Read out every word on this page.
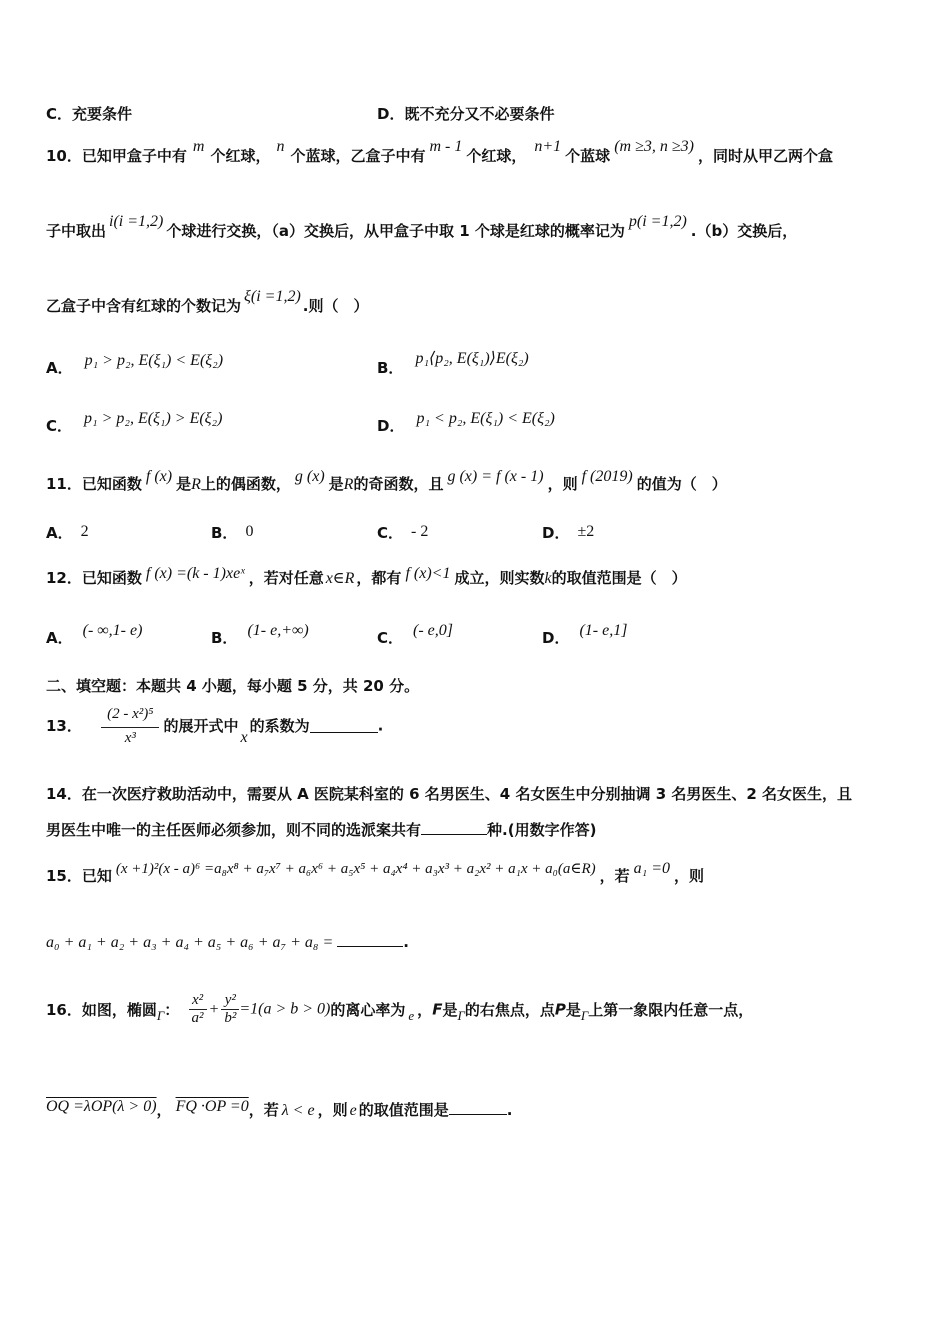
C．充要条件	D．既不充分又不必要条件
10．已知甲盒子中有m个红球，n个蓝球，乙盒子中有m - 1个红球，n+1个蓝球(m ≥3, n ≥3)，同时从甲乙两个盒
子中取出i(i =1,2)个球进行交换，（a）交换后，从甲盒子中取 1 个球是红球的概率记为p(i =1,2).（b）交换后，
乙盒子中含有红球的个数记为ξ(i =1,2).则（　）
A． p₁ > p₂, E(ξ₁) < E(ξ₂)	B．p₁⟨p₂, E(ξ₁)⟩E(ξ₂)
C． p₁ > p₂, E(ξ₁) > E(ξ₂)	D． p₁ < p₂, E(ξ₁) < E(ξ₂)
11．已知函数 f (x) 是R上的偶函数， g (x) 是R的奇函数，且 g (x) = f (x - 1) ，则 f (2019) 的值为（　）
A． 2	B． 0	C． - 2	D． ±2
12．已知函数 f (x) =(k - 1)xeˣ ，若对任意 x∈R ，都有 f (x)<1 成立，则实数k的取值范围是（　）
A． (- ∞,1- e)	B． (1- e,+∞)	C． (- e,0]	D． (1- e,1]
二、填空题：本题共 4 小题，每小题 5 分，共 20 分。
13． $\frac{\text{(2 - x²)⁵}}{\text{x³}}$ 的展开式中x的系数为	.
14．在一次医疗救助活动中，需要从 A 医院某科室的 6 名男医生、4 名女医生中分别抽调 3 名男医生、2 名女医生，且
男医生中唯一的主任医师必须参加，则不同的选派案共有	种.(用数字作答)
15．已知 (x +1)²(x - a)⁶ =a₈x⁸ + a₇x⁷ + a₆x⁶ + a₅x⁵ + a₄x⁴ + a₃x³ + a₂x² + a₁x + a₀(a∈R) ，若 a₁ =0 ，则
a₀ + a₁ + a₂ + a₃ + a₄ + a₅ + a₆ + a₇ + a₈ =	.
16．如图，椭圆Γ： $\frac{\text{x²}}{\text{a²}} + \frac{\text{y²}}{\text{b²}} =1(a > b > 0)$的离心率为 e ，F是Γ的右焦点，点P是Γ上第一象限内任意一点，
OQ =λOP(λ > 0)， FQ ·OP =0，若 λ < e ，则 e 的取值范围是	.
